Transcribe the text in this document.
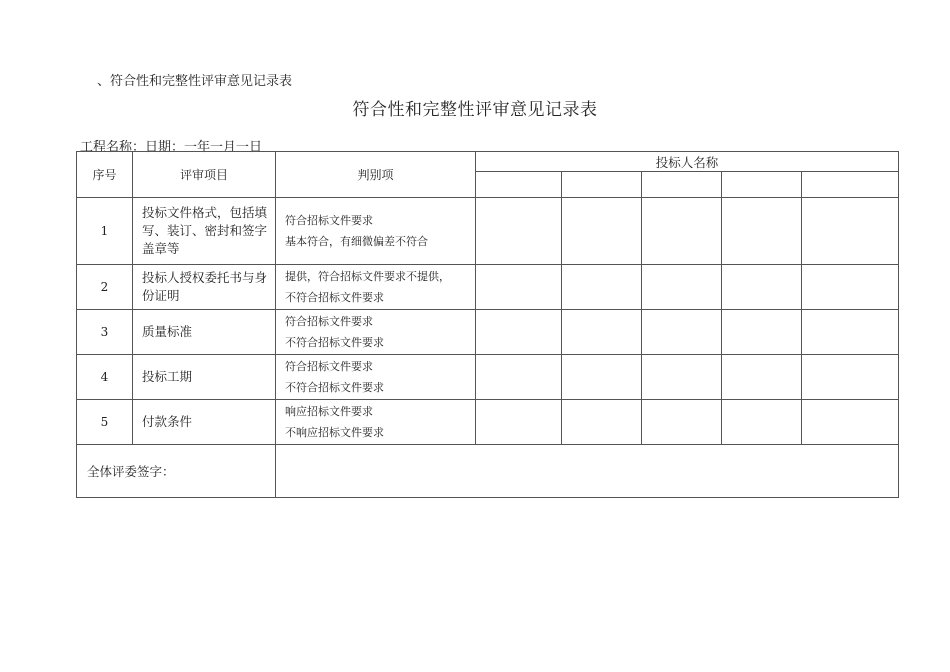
、符合性和完整性评审意见记录表
符合性和完整性评审意见记录表
工程名称：日期：一年一月一日
序号	评审项目	判别项	投标人名称				

1	投标文件格式，包括填写、装订、密封和签字盖章等	符合招标文件要求
基本符合，有细微偏差不符合					

2	投标人授权委托书与身份证明	提供，符合招标文件要求不提供，
不符合招标文件要求					

3	质量标准	符合招标文件要求
不符合招标文件要求					

4	投标工期	符合招标文件要求
不符合招标文件要求					

5	付款条件	响应招标文件要求
不响应招标文件要求					

全体评委签字：							
